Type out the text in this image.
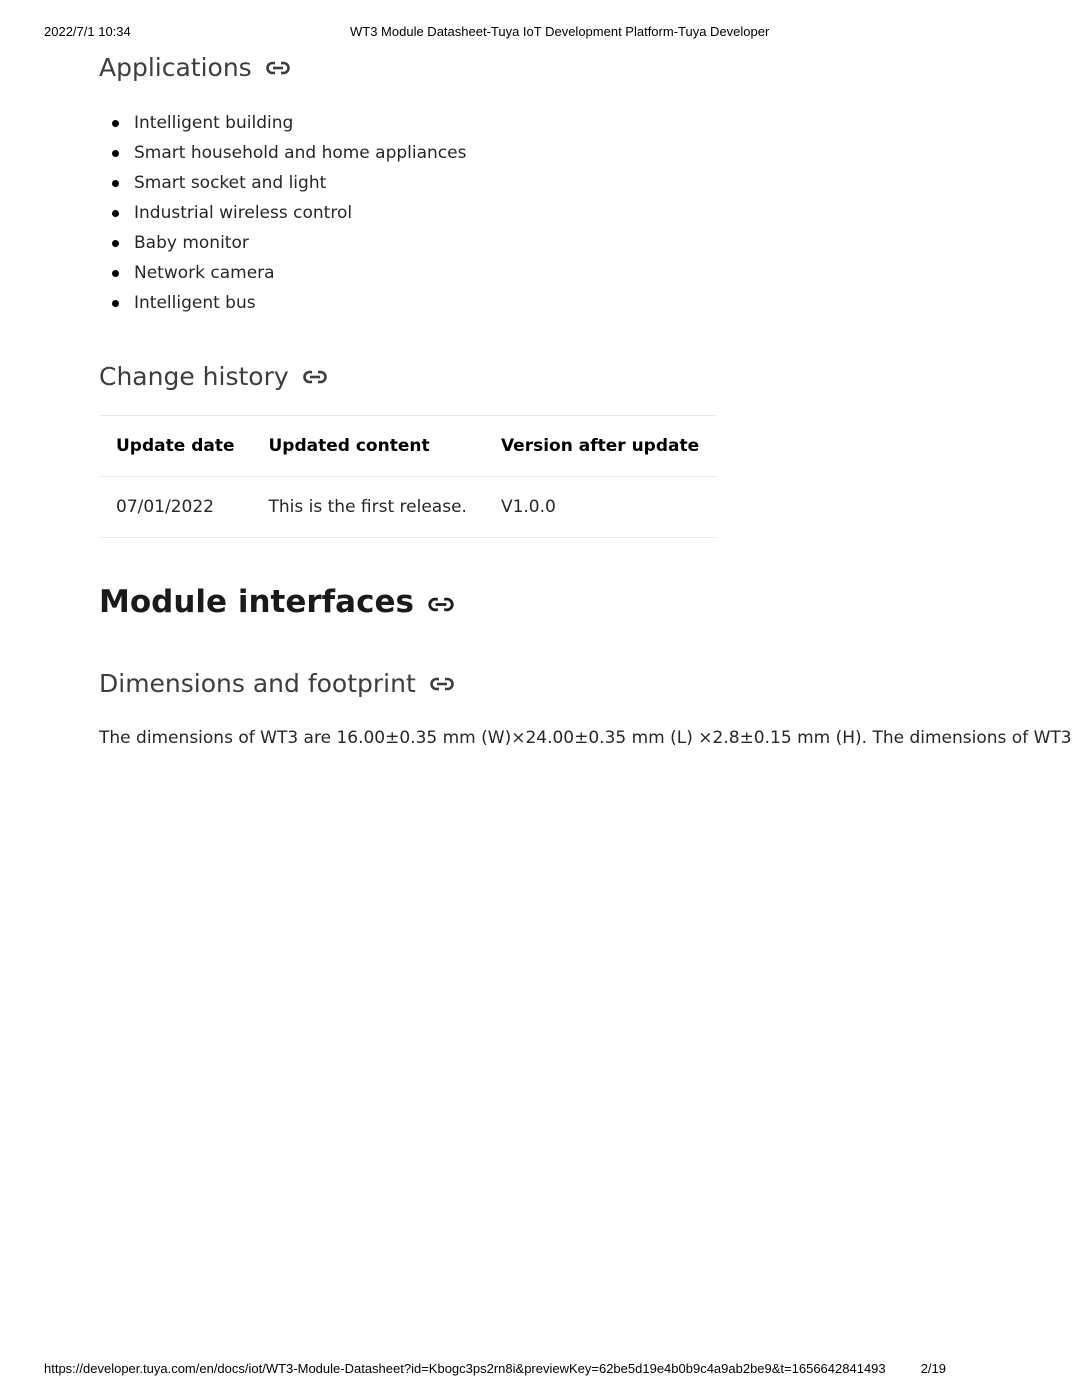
2022/7/1 10:34	WT3 Module Datasheet-Tuya IoT Development Platform-Tuya Developer
Applications
Intelligent building
Smart household and home appliances
Smart socket and light
Industrial wireless control
Baby monitor
Network camera
Intelligent bus
Change history
Update date	Updated content	Version after update
07/01/2022	This is the first release.	V1.0.0
Module interfaces
Dimensions and footprint

The dimensions of WT3 are 16.00±0.35 mm (W)×24.00±0.35 mm (L) ×2.8±0.15 mm (H). The dimensions of WT3

https://developer.tuya.com/en/docs/iot/WT3-Module-Datasheet?id=Kbogc3ps2rn8i&previewKey=62be5d19e4b0b9c4a9ab2be9&t=1656642841493	2/19
